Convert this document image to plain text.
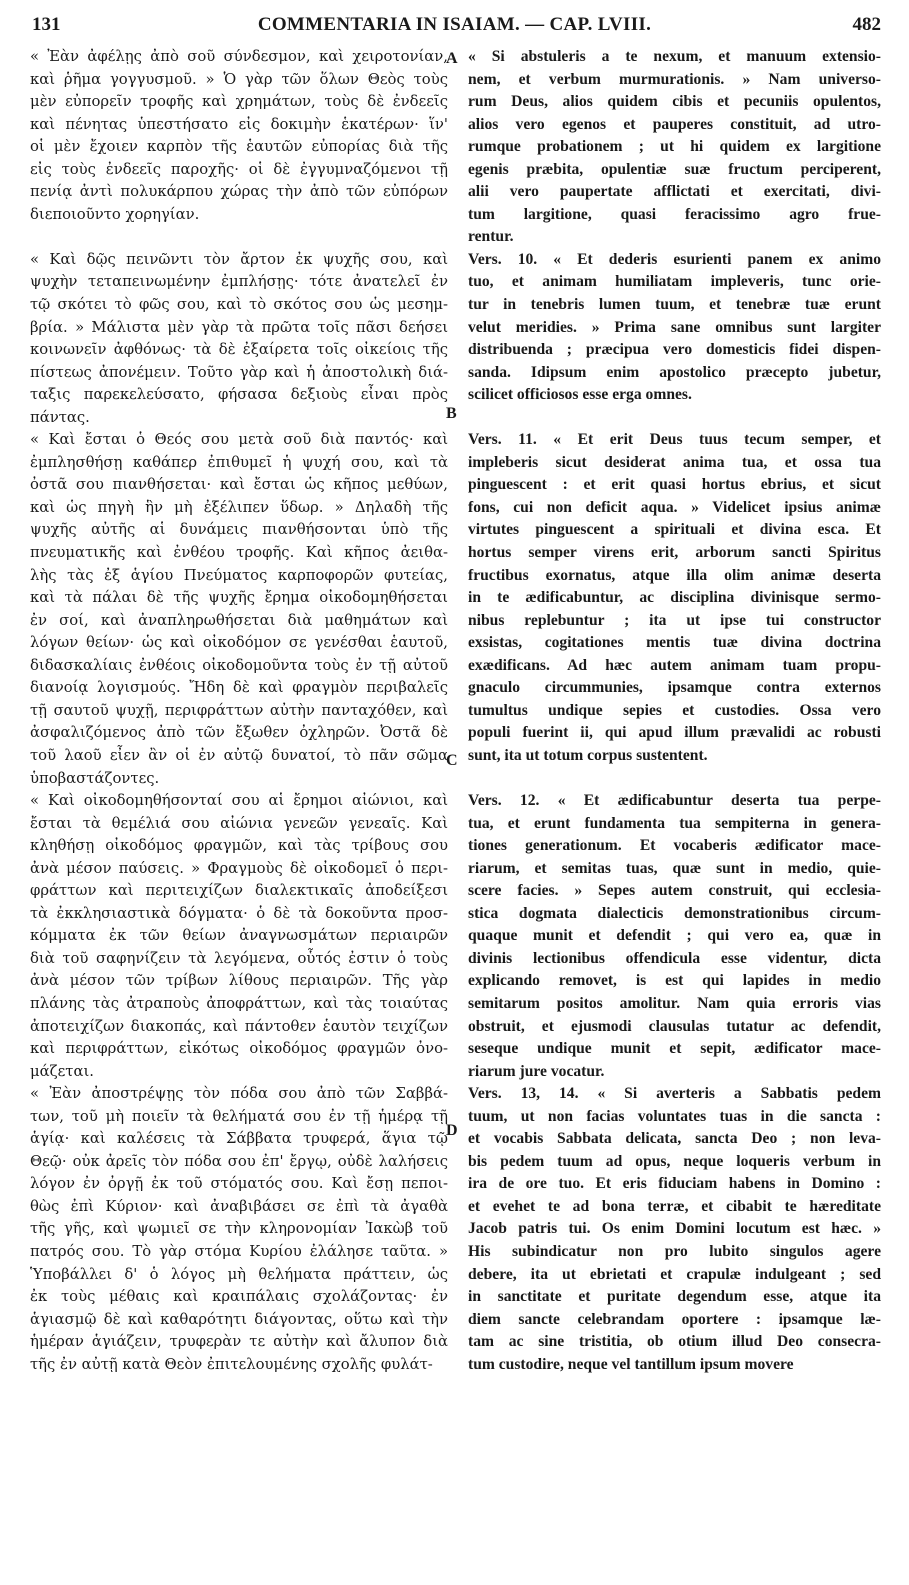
131	COMMENTARIA IN ISAIAM. — CAP. LVIII.	482
« Ἐὰν ἀφέλῃς ἀπὸ σοῦ σύνδεσμον, καὶ χειροτονίαν,
καὶ ῥῆμα γογγυσμοῦ. » Ὁ γὰρ τῶν ὅλων Θεὸς τοὺς
μὲν εὐπορεῖν τροφῆς καὶ χρημάτων, τοὺς δὲ ἐνδεεῖς
καὶ πένητας ὑπεστήσατο εἰς δοκιμὴν ἑκατέρων· ἵν'
οἱ μὲν ἔχοιεν καρπὸν τῆς ἑαυτῶν εὐπορίας διὰ τῆς
εἰς τοὺς ἐνδεεῖς παροχῆς· οἱ δὲ ἐγγυμναζόμενοι τῇ
πενίᾳ ἀντὶ πολυκάρπου χώρας τὴν ἀπὸ τῶν εὐπόρων
διεποιοῦντο χορηγίαν.
« Καὶ δῷς πεινῶντι τὸν ἄρτον ἐκ ψυχῆς σου, καὶ
ψυχὴν τεταπεινωμένην ἐμπλήσῃς· τότε ἀνατελεῖ ἐν
τῷ σκότει τὸ φῶς σου, καὶ τὸ σκότος σου ὡς μεσημ-
βρία. » Μάλιστα μὲν γὰρ τὰ πρῶτα τοῖς πᾶσι δεήσει
κοινωνεῖν ἀφθόνως· τὰ δὲ ἐξαίρετα τοῖς οἰκείοις τῆς
πίστεως ἀπονέμειν. Τοῦτο γὰρ καὶ ἡ ἀποστολικὴ διά-
ταξις παρεκελεύσατο, φήσασα δεξιοὺς εἶναι πρὸς
πάντας.
« Καὶ ἔσται ὁ Θεός σου μετὰ σοῦ διὰ παντός· καὶ
ἐμπλησθήσῃ καθάπερ ἐπιθυμεῖ ἡ ψυχή σου, καὶ τὰ
ὀστᾶ σου πιανθήσεται· καὶ ἔσται ὡς κῆπος μεθύων,
καὶ ὡς πηγὴ ἣν μὴ ἐξέλιπεν ὕδωρ. » Δηλαδὴ τῆς
ψυχῆς αὐτῆς αἱ δυνάμεις πιανθήσονται ὑπὸ τῆς
πνευματικῆς καὶ ἐνθέου τροφῆς. Καὶ κῆπος ἀειθα-
λὴς τὰς ἐξ ἁγίου Πνεύματος καρποφορῶν φυτείας,
καὶ τὰ πάλαι δὲ τῆς ψυχῆς ἔρημα οἰκοδομηθήσεται
ἐν σοί, καὶ ἀναπληρωθήσεται διὰ μαθημάτων καὶ
λόγων θείων· ὡς καὶ οἰκοδόμον σε γενέσθαι ἑαυτοῦ,
διδασκαλίαις ἐνθέοις οἰκοδομοῦντα τοὺς ἐν τῇ αὐτοῦ
διανοίᾳ λογισμούς. Ἤδη δὲ καὶ φραγμὸν περιβαλεῖς
τῇ σαυτοῦ ψυχῇ, περιφράττων αὐτὴν πανταχόθεν, καὶ
ἀσφαλιζόμενος ἀπὸ τῶν ἔξωθεν ὀχληρῶν. Ὀστᾶ δὲ
τοῦ λαοῦ εἶεν ἂν οἱ ἐν αὐτῷ δυνατοί, τὸ πᾶν σῶμα
ὑποβαστάζοντες.
« Καὶ οἰκοδομηθήσονταί σου αἱ ἔρημοι αἰώνιοι, καὶ
ἔσται τὰ θεμέλιά σου αἰώνια γενεῶν γενεαῖς. Καὶ
κληθήσῃ οἰκοδόμος φραγμῶν, καὶ τὰς τρίβους σου
ἀνὰ μέσον παύσεις. » Φραγμοὺς δὲ οἰκοδομεῖ ὁ περι-
φράττων καὶ περιτειχίζων διαλεκτικαῖς ἀποδείξεσι
τὰ ἐκκλησιαστικὰ δόγματα· ὁ δὲ τὰ δοκοῦντα προσ-
κόμματα ἐκ τῶν θείων ἀναγνωσμάτων περιαιρῶν
διὰ τοῦ σαφηνίζειν τὰ λεγόμενα, οὗτός ἐστιν ὁ τοὺς
ἀνὰ μέσον τῶν τρίβων λίθους περιαιρῶν. Τῆς γὰρ
πλάνης τὰς ἀτραποὺς ἀποφράττων, καὶ τὰς τοιαύτας
ἀποτειχίζων διακοπάς, καὶ πάντοθεν ἑαυτὸν τειχίζων
καὶ περιφράττων, εἰκότως οἰκοδόμος φραγμῶν ὀνο-
μάζεται.
« Ἐὰν ἀποστρέψῃς τὸν πόδα σου ἀπὸ τῶν Σαββά-
των, τοῦ μὴ ποιεῖν τὰ θελήματά σου ἐν τῇ ἡμέρᾳ τῇ
ἁγίᾳ· καὶ καλέσεις τὰ Σάββατα τρυφερά, ἅγια τῷ
Θεῷ· οὐκ ἀρεῖς τὸν πόδα σου ἐπ' ἔργῳ, οὐδὲ λαλήσεις
λόγον ἐν ὀργῇ ἐκ τοῦ στόματός σου. Καὶ ἔσῃ πεποι-
θὼς ἐπὶ Κύριον· καὶ ἀναβιβάσει σε ἐπὶ τὰ ἀγαθὰ
τῆς γῆς, καὶ ψωμιεῖ σε τὴν κληρονομίαν Ἰακὼβ τοῦ
πατρός σου. Τὸ γὰρ στόμα Κυρίου ἐλάλησε ταῦτα. »
Ὑποβάλλει δ' ὁ λόγος μὴ θελήματα πράττειν, ὡς
ἐκ τοὺς μέθαις καὶ κραιπάλαις σχολάζοντας· ἐν
ἁγιασμῷ δὲ καὶ καθαρότητι διάγοντας, οὕτω καὶ τὴν
ἡμέραν ἁγιάζειν, τρυφερὰν τε αὐτὴν καὶ ἄλυπον διὰ
τῆς ἐν αὐτῇ κατὰ Θεὸν ἐπιτελουμένης σχολῆς φυλάτ-
« Si abstuleris a te nexum, et manuum extensio-
nem, et verbum murmurationis. » Nam universo-
rum Deus, alios quidem cibis et pecuniis opulentos,
alios vero egenos et pauperes constituit, ad utro-
rumque probationem ; ut hi quidem ex largitione
egenis præbita, opulentiæ suæ fructum perciperent,
alii vero paupertate afflictati et exercitati, divi-
tum largitione, quasi feracissimo agro frue-
rentur.
Vers. 10. « Et dederis esurienti panem ex animo
tuo, et animam humiliatam impleveris, tunc orie-
tur in tenebris lumen tuum, et tenebræ tuæ erunt
velut meridies. » Prima sane omnibus sunt largiter
distribuenda ; præcipua vero domesticis fidei dispen-
sanda. Idipsum enim apostolico præcepto jubetur,
scilicet officiosos esse erga omnes.
Vers. 11. « Et erit Deus tuus tecum semper, et
impleberis sicut desiderat anima tua, et ossa tua
pinguescent : et erit quasi hortus ebrius, et sicut
fons, cui non deficit aqua. » Videlicet ipsius animæ
virtutes pinguescent a spirituali et divina esca. Et
hortus semper virens erit, arborum sancti Spiritus
fructibus exornatus, atque illa olim animæ deserta
in te ædificabuntur, ac disciplina divinisque sermo-
nibus replebuntur ; ita ut ipse tui constructor
exsistas, cogitationes mentis tuæ divina doctrina
exædificans. Ad hæc autem animam tuam propu-
gnaculo circummunies, ipsamque contra externos
tumultus undique sepies et custodies. Ossa vero
populi fuerint ii, qui apud illum prævalidi ac robusti
sunt, ita ut totum corpus sustentent.
Vers. 12. « Et ædificabuntur deserta tua perpe-
tua, et erunt fundamenta tua sempiterna in genera-
tiones generationum. Et vocaberis ædificator mace-
riarum, et semitas tuas, quæ sunt in medio, quie-
scere facies. » Sepes autem construit, qui ecclesia-
stica dogmata dialecticis demonstrationibus circum-
quaque munit et defendit ; qui vero ea, quæ in
divinis lectionibus offendicula esse videntur, dicta
explicando removet, is est qui lapides in medio
semitarum positos amolitur. Nam quia erroris vias
obstruit, et ejusmodi clausulas tutatur ac defendit,
seseque undique munit et sepit, ædificator mace-
riarum jure vocatur.
Vers. 13, 14. « Si averteris a Sabbatis pedem
tuum, ut non facias voluntates tuas in die sancta :
et vocabis Sabbata delicata, sancta Deo ; non leva-
bis pedem tuum ad opus, neque loqueris verbum in
ira de ore tuo. Et eris fiduciam habens in Domino :
et evehet te ad bona terræ, et cibabit te hæreditate
Jacob patris tui. Os enim Domini locutum est hæc. »
His subindicatur non pro lubito singulos agere
debere, ita ut ebrietati et crapulæ indulgeant ; sed
in sanctitate et puritate degendum esse, atque ita
diem sancte celebrandam oportere : ipsamque læ-
tam ac sine tristitia, ob otium illud Deo consecra-
tum custodire, neque vel tantillum ipsum movere
A
B
C
D
